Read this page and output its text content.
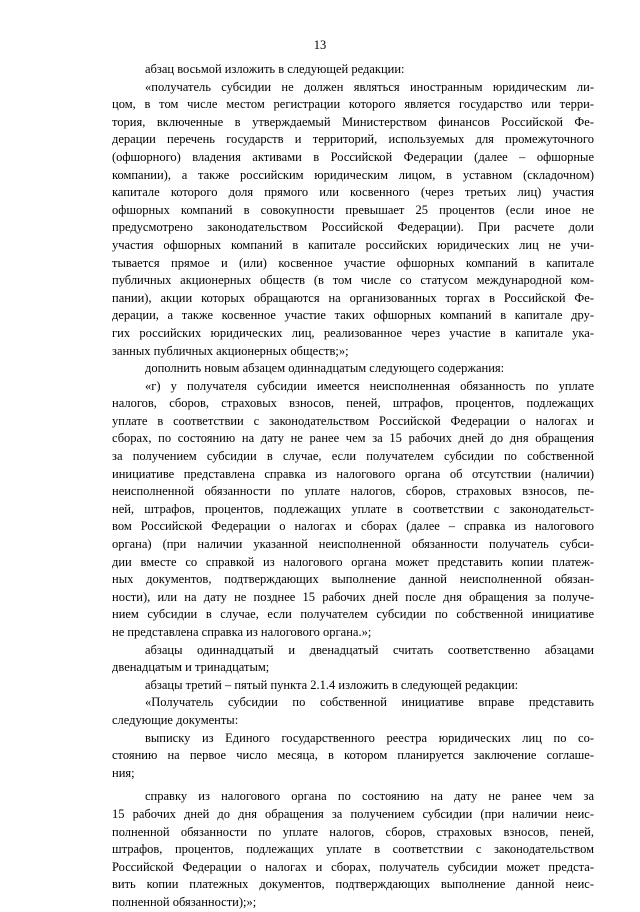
13
абзац восьмой изложить в следующей редакции:
«получатель субсидии не должен являться иностранным юридическим ли-
цом, в том числе местом регистрации которого является государство или терри-
тория, включенные в утверждаемый Министерством финансов Российской Фе-
дерации перечень государств и территорий, используемых для промежуточного
(офшорного) владения активами в Российской Федерации (далее – офшорные
компании), а также российским юридическим лицом, в уставном (складочном)
капитале которого доля прямого или косвенного (через третьих лиц) участия
офшорных компаний в совокупности превышает 25 процентов (если иное не
предусмотрено законодательством Российской Федерации). При расчете доли
участия офшорных компаний в капитале российских юридических лиц не учи-
тывается прямое и (или) косвенное участие офшорных компаний в капитале
публичных акционерных обществ (в том числе со статусом международной ком-
пании), акции которых обращаются на организованных торгах в Российской Фе-
дерации, а также косвенное участие таких офшорных компаний в капитале дру-
гих российских юридических лиц, реализованное через участие в капитале ука-
занных публичных акционерных обществ;»;
дополнить новым абзацем одиннадцатым следующего содержания:
«г) у получателя субсидии имеется неисполненная обязанность по уплате
налогов, сборов, страховых взносов, пеней, штрафов, процентов, подлежащих
уплате в соответствии с законодательством Российской Федерации о налогах и
сборах, по состоянию на дату не ранее чем за 15 рабочих дней до дня обращения
за получением субсидии в случае, если получателем субсидии по собственной
инициативе представлена справка из налогового органа об отсутствии (наличии)
неисполненной обязанности по уплате налогов, сборов, страховых взносов, пе-
ней, штрафов, процентов, подлежащих уплате в соответствии с законодательст-
вом Российской Федерации о налогах и сборах (далее – справка из налогового
органа) (при наличии указанной неисполненной обязанности получатель субси-
дии вместе со справкой из налогового органа может представить копии платеж-
ных документов, подтверждающих выполнение данной неисполненной обязан-
ности), или на дату не позднее 15 рабочих дней после дня обращения за получе-
нием субсидии в случае, если получателем субсидии по собственной инициативе
не представлена справка из налогового органа.»;
абзацы одиннадцатый и двенадцатый считать соответственно абзацами
двенадцатым и тринадцатым;
абзацы третий – пятый пункта 2.1.4 изложить в следующей редакции:
«Получатель субсидии по собственной инициативе вправе представить
следующие документы:
выписку из Единого государственного реестра юридических лиц по со-
стоянию на первое число месяца, в котором планируется заключение соглаше-
ния;
справку из налогового органа по состоянию на дату не ранее чем за
15 рабочих дней до дня обращения за получением субсидии (при наличии неис-
полненной обязанности по уплате налогов, сборов, страховых взносов, пеней,
штрафов, процентов, подлежащих уплате в соответствии с законодательством
Российской Федерации о налогах и сборах, получатель субсидии может предста-
вить копии платежных документов, подтверждающих выполнение данной неис-
полненной обязанности);»;
